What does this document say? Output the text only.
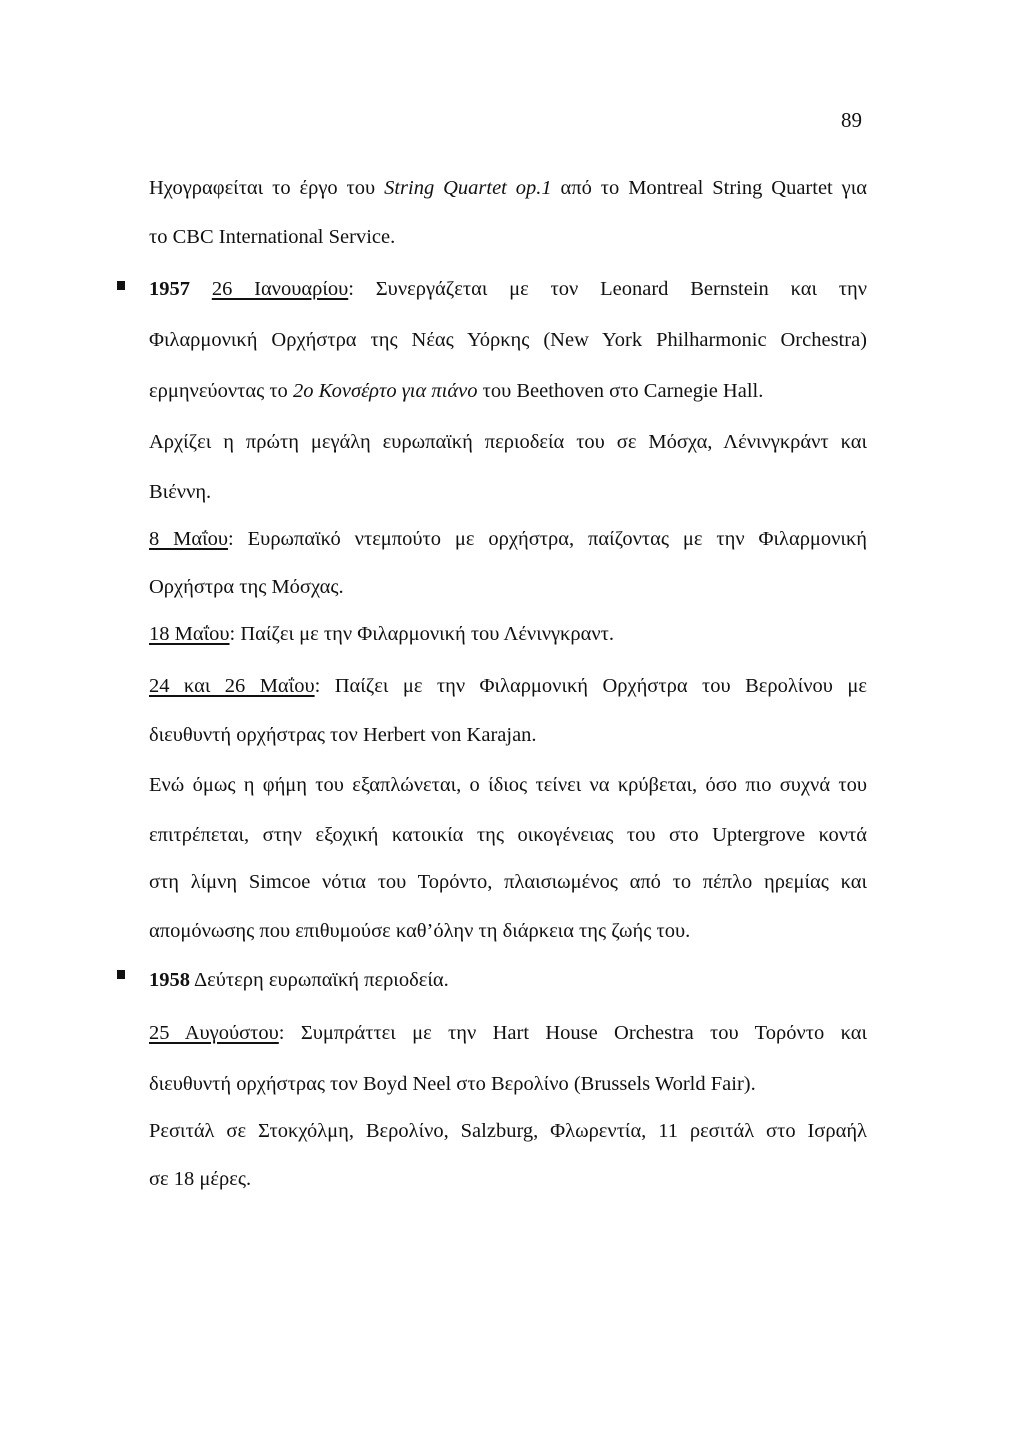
89
Ηχογραφείται το έργο του String Quartet op.1 από το Montreal String Quartet για
το CBC International Service.
1957 26 Ιανουαρίου: Συνεργάζεται με τον Leonard Bernstein και την
Φιλαρμονική Ορχήστρα της Νέας Υόρκης (New York Philharmonic Orchestra)
ερμηνεύοντας το 2ο Κονσέρτο για πιάνο του Beethoven στο Carnegie Hall.
Αρχίζει η πρώτη μεγάλη ευρωπαϊκή περιοδεία του σε Μόσχα, Λένινγκράντ και
Βιέννη.
8 Μαΐου: Ευρωπαϊκό ντεμπούτο με ορχήστρα, παίζοντας με την Φιλαρμονική
Ορχήστρα της Μόσχας.
18 Μαΐου: Παίζει με την Φιλαρμονική του Λένινγκραντ.
24 και 26 Μαΐου: Παίζει με την Φιλαρμονική Ορχήστρα του Βερολίνου με
διευθυντή ορχήστρας τον Herbert von Karajan.
Ενώ όμως η φήμη του εξαπλώνεται, ο ίδιος τείνει να κρύβεται, όσο πιο συχνά του
επιτρέπεται, στην εξοχική κατοικία της οικογένειας του στο Uptergrove κοντά
στη λίμνη Simcoe νότια του Τορόντο, πλαισιωμένος από το πέπλο ηρεμίας και
απομόνωσης που επιθυμούσε καθ’όλην τη διάρκεια της ζωής του.
1958 Δεύτερη ευρωπαϊκή περιοδεία.
25 Αυγούστου: Συμπράττει με την Hart House Orchestra του Τορόντο και
διευθυντή ορχήστρας τον Boyd Neel στο Βερολίνο (Brussels World Fair).
Ρεσιτάλ σε Στοκχόλμη, Βερολίνο, Salzburg, Φλωρεντία, 11 ρεσιτάλ στο Ισραήλ
σε 18 μέρες.
